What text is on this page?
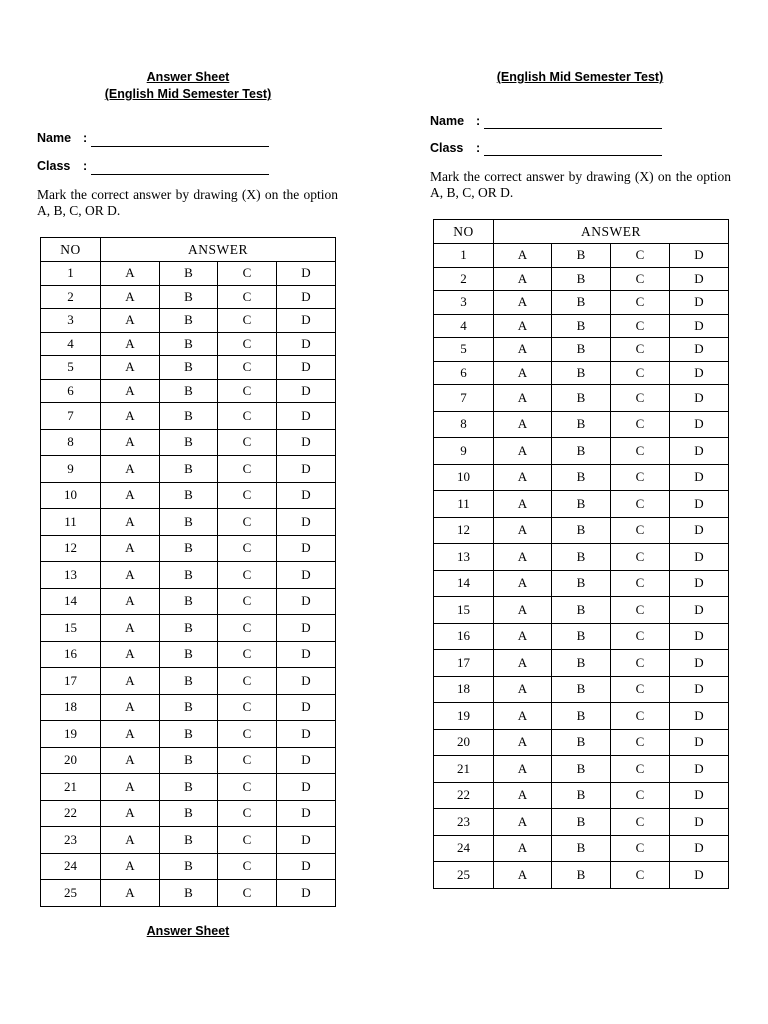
Answer Sheet
(English Mid Semester Test)
Name :
Class :
Mark the correct answer by drawing (X) on the option A, B, C, OR D.
NO	ANSWER			
1	A	B	C	D
2	A	B	C	D
3	A	B	C	D
4	A	B	C	D
5	A	B	C	D
6	A	B	C	D
7	A	B	C	D
8	A	B	C	D
9	A	B	C	D
10	A	B	C	D
11	A	B	C	D
12	A	B	C	D
13	A	B	C	D
14	A	B	C	D
15	A	B	C	D
16	A	B	C	D
17	A	B	C	D
18	A	B	C	D
19	A	B	C	D
20	A	B	C	D
21	A	B	C	D
22	A	B	C	D
23	A	B	C	D
24	A	B	C	D
25	A	B	C	D
Answer Sheet
(English Mid Semester Test)
Name :
Class :
Mark the correct answer by drawing (X) on the option A, B, C, OR D.
NO	ANSWER			
1	A	B	C	D
2	A	B	C	D
3	A	B	C	D
4	A	B	C	D
5	A	B	C	D
6	A	B	C	D
7	A	B	C	D
8	A	B	C	D
9	A	B	C	D
10	A	B	C	D
11	A	B	C	D
12	A	B	C	D
13	A	B	C	D
14	A	B	C	D
15	A	B	C	D
16	A	B	C	D
17	A	B	C	D
18	A	B	C	D
19	A	B	C	D
20	A	B	C	D
21	A	B	C	D
22	A	B	C	D
23	A	B	C	D
24	A	B	C	D
25	A	B	C	D
